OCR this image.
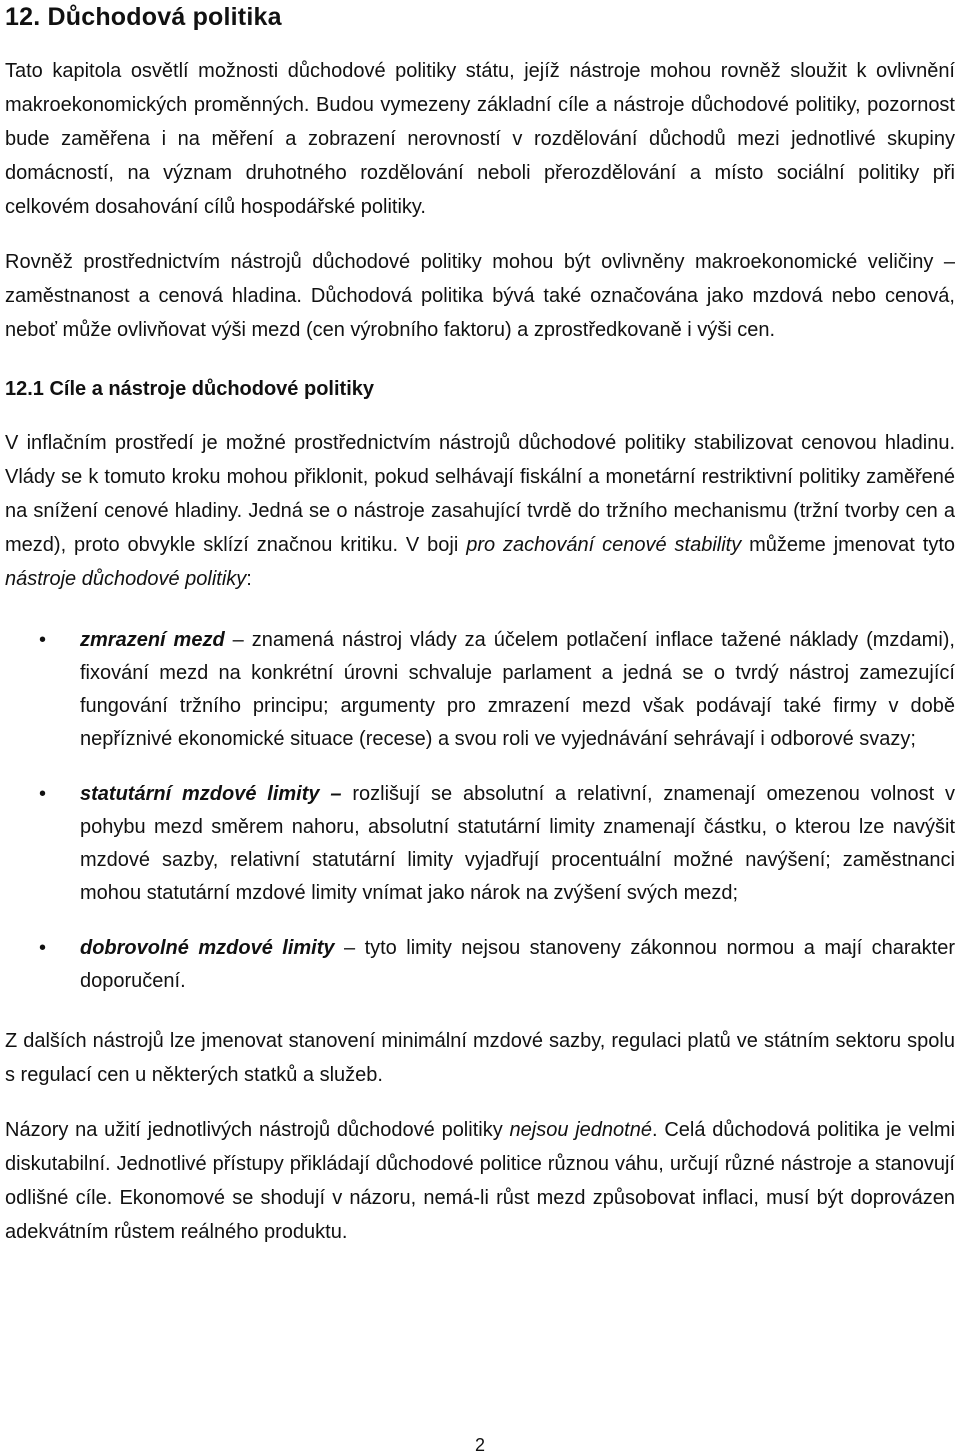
12. Důchodová politika

Tato kapitola osvětlí možnosti důchodové politiky státu, jejíž nástroje mohou rovněž sloužit k ovlivnění makroekonomických proměnných. Budou vymezeny základní cíle a nástroje důchodové politiky, pozornost bude zaměřena i na měření a zobrazení nerovností v rozdělování důchodů mezi jednotlivé skupiny domácností, na význam druhotného rozdělování neboli přerozdělování a místo sociální politiky při celkovém dosahování cílů hospodářské politiky.

Rovněž prostřednictvím nástrojů důchodové politiky mohou být ovlivněny makroekonomické veličiny – zaměstnanost a cenová hladina. Důchodová politika bývá také označována jako mzdová nebo cenová, neboť může ovlivňovat výši mezd (cen výrobního faktoru) a zprostředkovaně i výši cen.

12.1 Cíle a nástroje důchodové politiky

V inflačním prostředí je možné prostřednictvím nástrojů důchodové politiky stabilizovat cenovou hladinu. Vlády se k tomuto kroku mohou přiklonit, pokud selhávají fiskální a monetární restriktivní politiky zaměřené na snížení cenové hladiny. Jedná se o nástroje zasahující tvrdě do tržního mechanismu (tržní tvorby cen a mezd), proto obvykle sklízí značnou kritiku. V boji pro zachování cenové stability můžeme jmenovat tyto nástroje důchodové politiky:

• zmrazení mezd – znamená nástroj vlády za účelem potlačení inflace tažené náklady (mzdami), fixování mezd na konkrétní úrovni schvaluje parlament a jedná se o tvrdý nástroj zamezující fungování tržního principu; argumenty pro zmrazení mezd však podávají také firmy v době nepříznivé ekonomické situace (recese) a svou roli ve vyjednávání sehrávají i odborové svazy;
• statutární mzdové limity – rozlišují se absolutní a relativní, znamenají omezenou volnost v pohybu mezd směrem nahoru, absolutní statutární limity znamenají částku, o kterou lze navýšit mzdové sazby, relativní statutární limity vyjadřují procentuální možné navýšení; zaměstnanci mohou statutární mzdové limity vnímat jako nárok na zvýšení svých mezd;
• dobrovolné mzdové limity – tyto limity nejsou stanoveny zákonnou normou a mají charakter doporučení.

Z dalších nástrojů lze jmenovat stanovení minimální mzdové sazby, regulaci platů ve státním sektoru spolu s regulací cen u některých statků a služeb.

Názory na užití jednotlivých nástrojů důchodové politiky nejsou jednotné. Celá důchodová politika je velmi diskutabilní. Jednotlivé přístupy přikládají důchodové politice různou váhu, určují různé nástroje a stanovují odlišné cíle. Ekonomové se shodují v názoru, nemá-li růst mezd způsobovat inflaci, musí být doprovázen adekvátním růstem reálného produktu.

2
